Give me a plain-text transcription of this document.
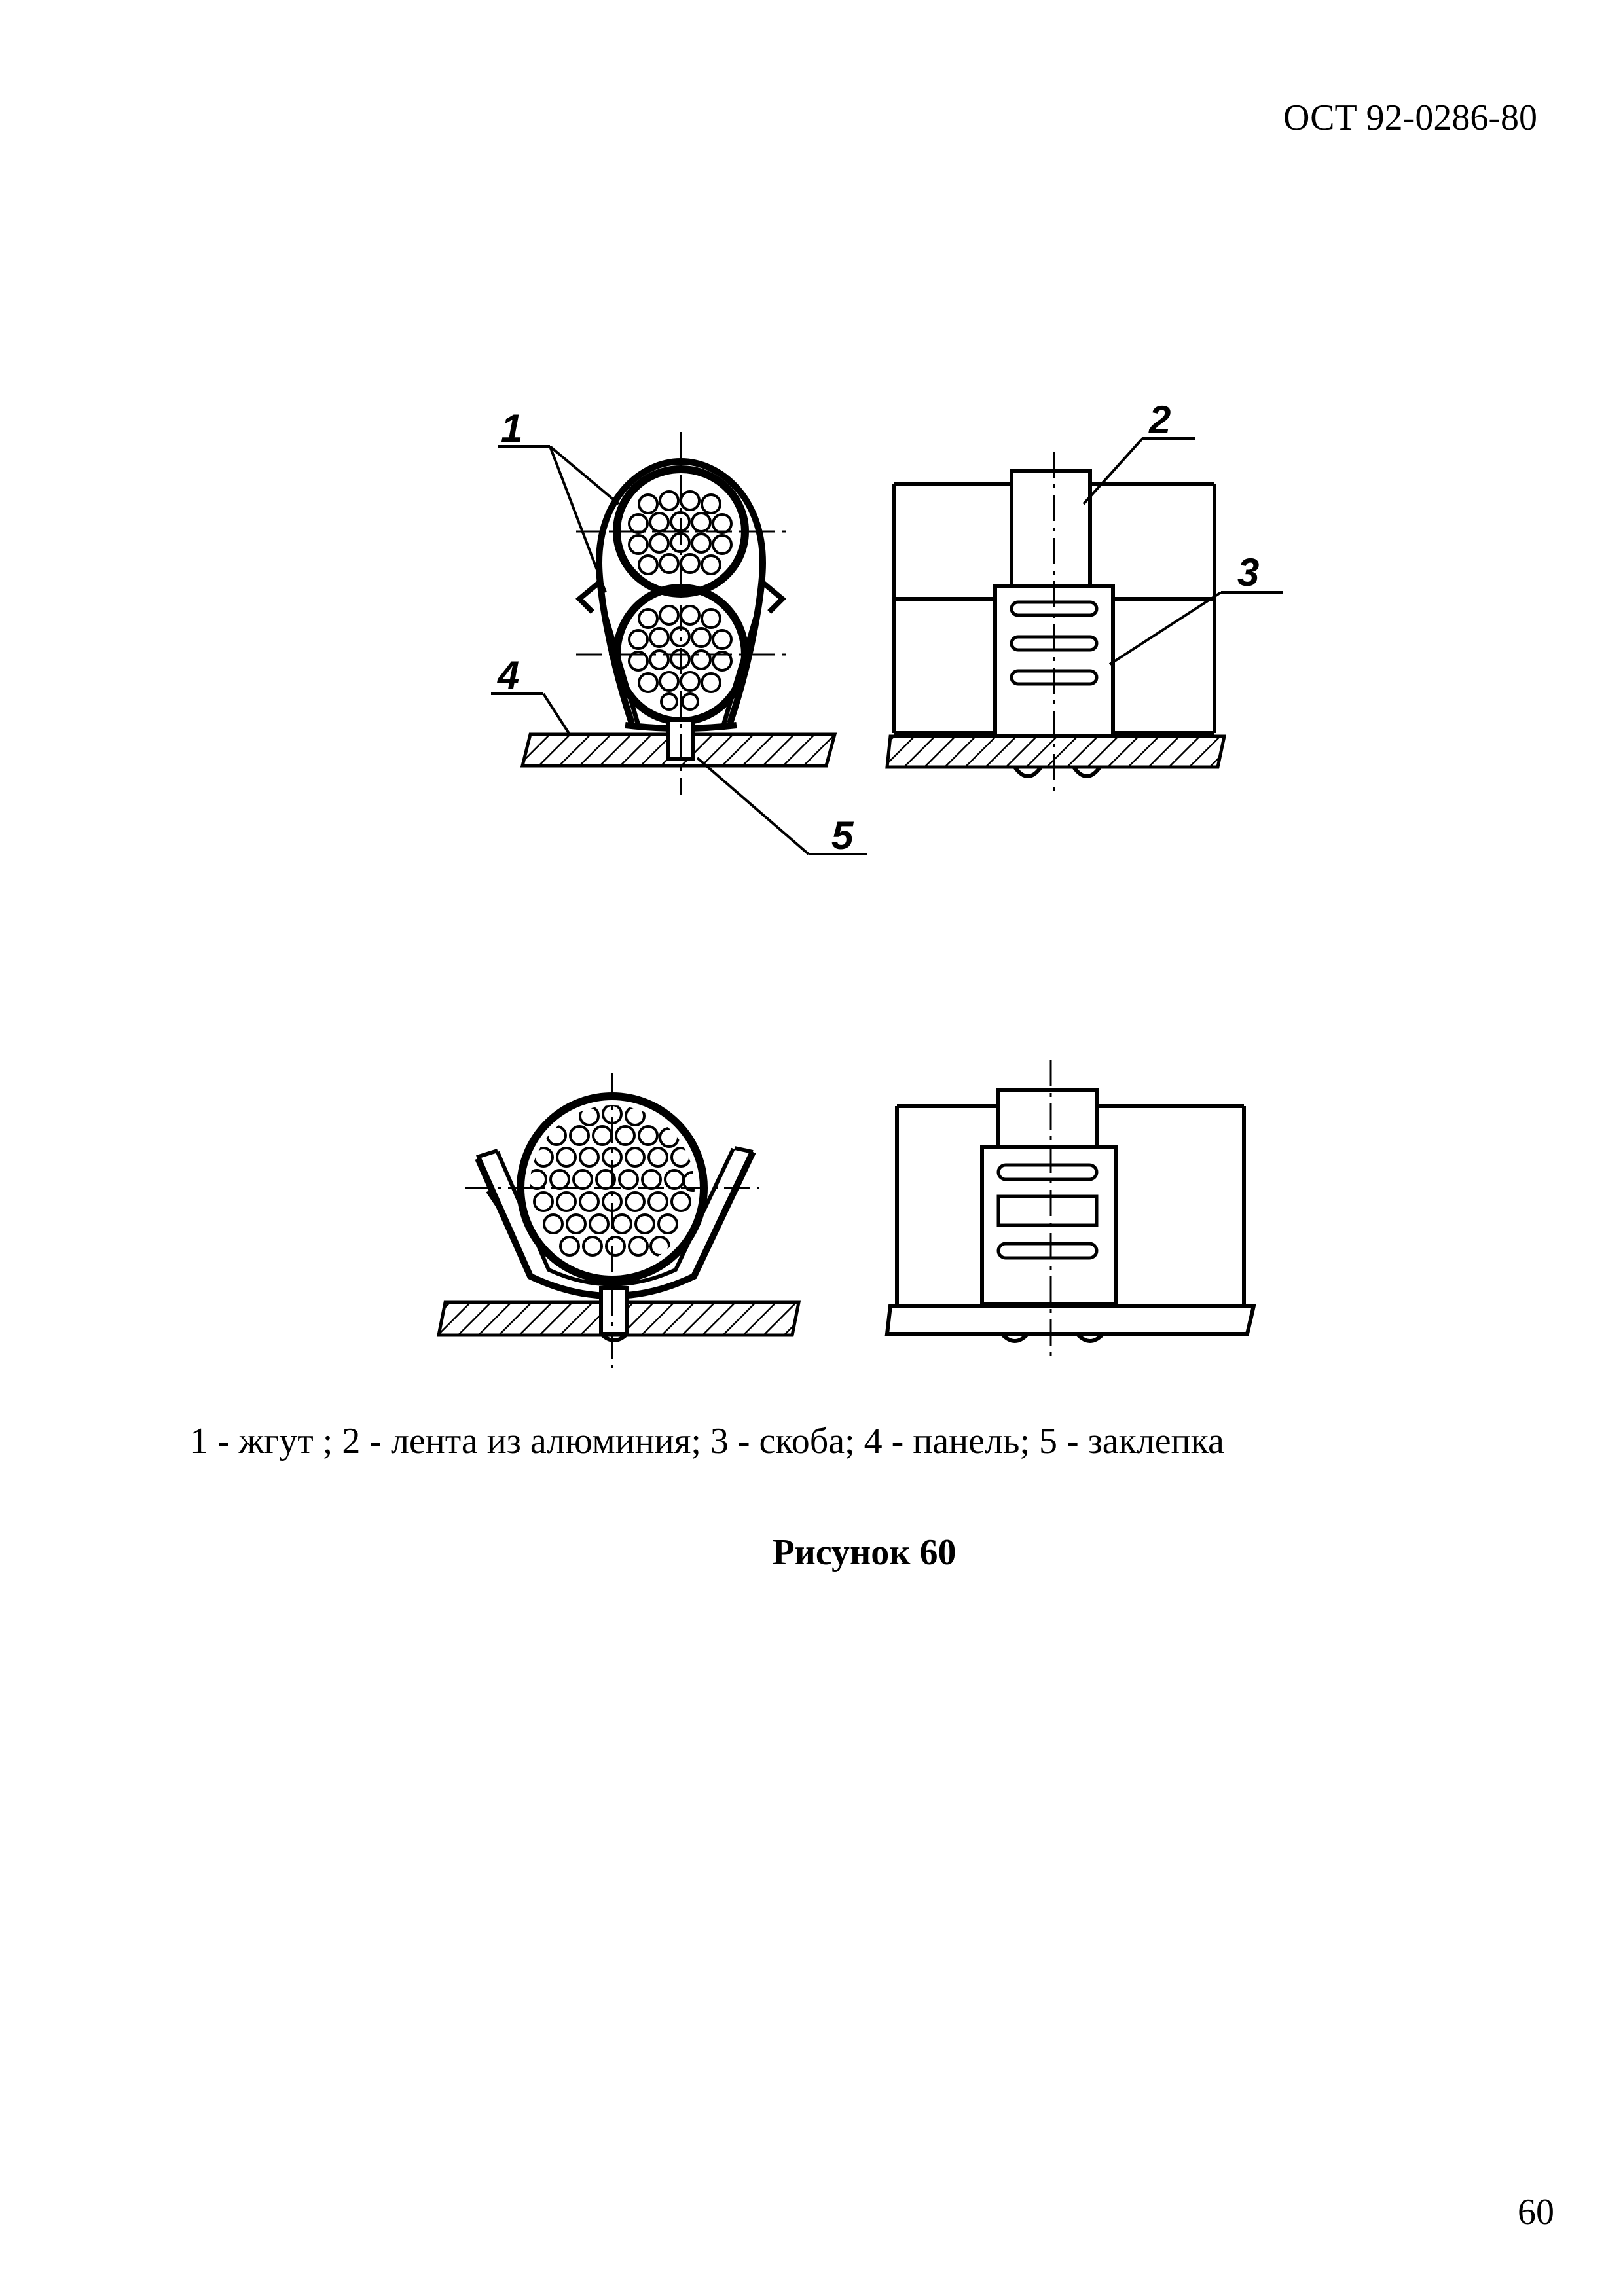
ОСТ 92-0286-80
1	2
3
4
5
1 - жгут ; 2 - лента из алюминия; 3 - скоба; 4 - панель; 5 - заклепка
Рисунок 60
60
